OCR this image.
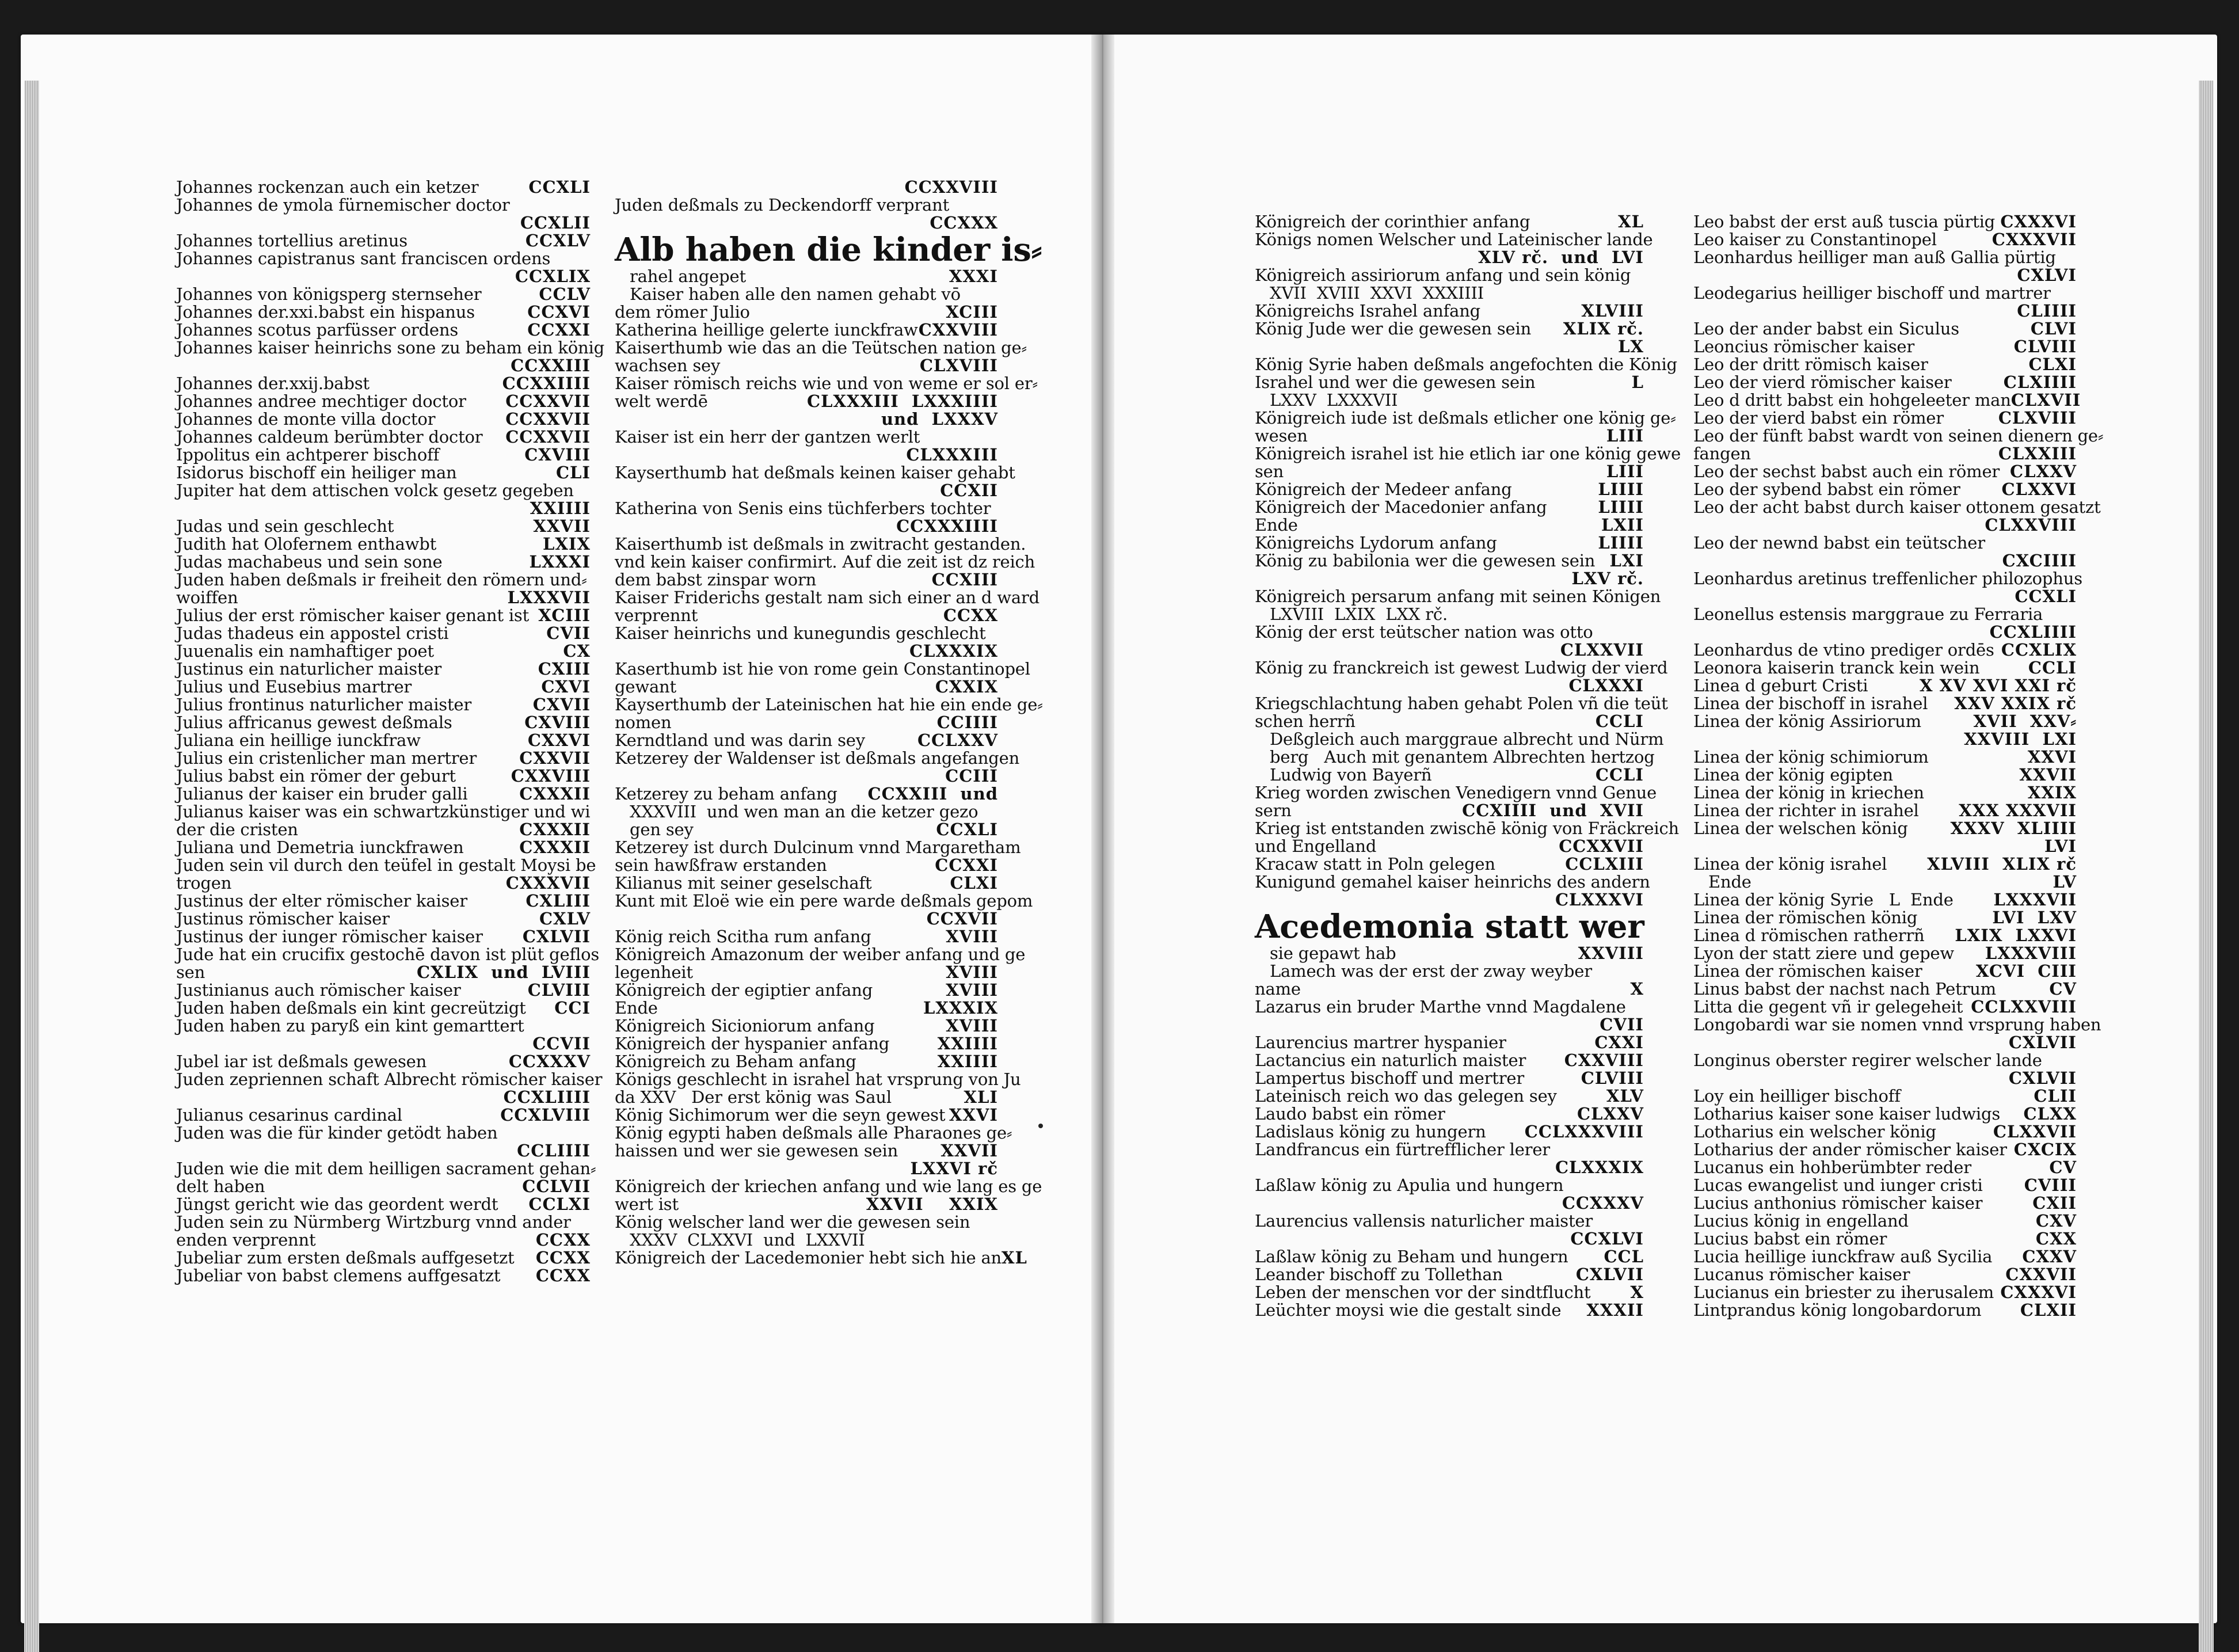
Johannes rockenzan auch ein ketzer	CCXLI
Johannes de ymola fürnemischer doctor
CCXLII
Johannes tortellius aretinus	CCXLV
Johannes capistranus sant franciscen ordens
CCXLIX
Johannes von königsperg sternseher	CCLV
Johannes der.xxi.babst ein hispanus	CCXVI
Johannes scotus parfüsser ordens	CCXXI
Johannes kaiser heinrichs sone zu beham ein könig
CCXXIII
Johannes der.xxij.babst	CCXXIIII
Johannes andree mechtiger doctor CCXXVII
Johannes de monte villa doctor	CCXXVII
Johannes caldeum berümbter doctor CCXXVII
Ippolitus ein achtperer bischoff	CXVIII
Isidorus bischoff ein heiliger man	CLI
Jupiter hat dem attischen volck gesetz gegeben
XXIIII
Judas und sein geschlecht	XXVII
Judith hat Olofernem enthawbt	LXIX
Judas machabeus und sein sone	LXXXI
Juden haben deßmals ir freiheit den römern und⸗
woiffen	LXXXVII
Julius der erst römischer kaiser genant ist XCIII
Judas thadeus ein appostel cristi	CVII
Juuenalis ein namhaftiger poet	CX
Justinus ein naturlicher maister	CXIII
Julius und Eusebius martrer	CXVI
Julius frontinus naturlicher maister	CXVII
Julius affricanus gewest deßmals	CXVIII
Juliana ein heillige iunckfraw	CXXVI
Julius ein cristenlicher man mertrer	CXXVII
Julius babst ein römer der geburt	CXXVIII
Julianus der kaiser ein bruder galli	CXXXII
Julianus kaiser was ein schwartzkünstiger und wi
der die cristen	CXXXII
Juliana und Demetria iunckfrawen	CXXXII
Juden sein vil durch den teüfel in gestalt Moysi be
trogen	CXXXVII
Justinus der elter römischer kaiser	CXLIII
Justinus römischer kaiser	CXLV
Justinus der iunger römischer kaiser CXLVII
Jude hat ein crucifix gestochē davon ist plüt geflos
sen	CXLIX  und  LVIII
Justinianus auch römischer kaiser	CLVIII
Juden haben deßmals ein kint gecreützigt CCI
Juden haben zu paryß ein kint gemarttert
CCVII
Jubel iar ist deßmals gewesen	CCXXXV
Juden zepriennen schaft Albrecht römischer kaiser
CCXLIIII
Julianus cesarinus cardinal	CCXLVIII
Juden was die für kinder getödt haben
CCLIIII
Juden wie die mit dem heilligen sacrament gehan⸗
delt haben	CCLVII
Jüngst gericht wie das geordent werdt CCLXI
Juden sein zu Nürmberg Wirtzburg vnnd ander
enden verprennt	CCXX
Jubeliar zum ersten deßmals auffgesetzt CCXX
Jubeliar von babst clemens auffgesatzt CCXX
CCXXVIII
Juden deßmals zu Deckendorff verprant
CCXXX
Alb haben die kinder is⸗
rahel angepet	XXXI
Kaiser haben alle den namen gehabt vō
dem römer Julio	XCIII
Katherina heillige gelerte iunckfraw CXXVIII
Kaiserthumb wie das an die Teütschen nation ge⸗
wachsen sey	CLXVIII
Kaiser römisch reichs wie und von weme er sol er⸗
welt werdē	CLXXXIII  LXXXIIII
und  LXXXV
Kaiser ist ein herr der gantzen werlt
CLXXXIII
Kayserthumb hat deßmals keinen kaiser gehabt
CCXII
Katherina von Senis eins tüchferbers tochter
CCXXXIIII
Kaiserthumb ist deßmals in zwitracht gestanden.
vnd kein kaiser confirmirt. Auf die zeit ist dz reich
dem babst zinspar worn	CCXIII
Kaiser Friderichs gestalt nam sich einer an d ward
verprennt	CCXX
Kaiser heinrichs und kunegundis geschlecht
CLXXXIX
Kaserthumb ist hie von rome gein Constantinopel
gewant	CXXIX
Kayserthumb der Lateinischen hat hie ein ende ge⸗
nomen	CCIIII
Kerndtland und was darin sey	CCLXXV
Ketzerey der Waldenser ist deßmals angefangen
CCIII
Ketzerey zu beham anfang CCXXIII  und
XXXVIII  und wen man an die ketzer gezo
gen sey	CCXLI
Ketzerey ist durch Dulcinum vnnd Margaretham
sein hawßfraw erstanden	CCXXI
Kilianus mit seiner geselschaft	CLXI
Kunt mit Eloë wie ein pere warde deßmals gepom
CCXVII
König reich Scitha rum anfang	XVIII
Königreich Amazonum der weiber anfang und ge
legenheit	XVIII
Königreich der egiptier anfang	XVIII
Ende	LXXXIX
Königreich Sicioniorum anfang	XVIII
Königreich der hyspanier anfang	XXIIII
Königreich zu Beham anfang	XXIIII
Königs geschlecht in israhel hat vrsprung von Ju
da XXV   Der erst könig was Saul	XLI
König Sichimorum wer die seyn gewest XXVI
König egypti haben deßmals alle Pharaones ge⸗
haissen und wer sie gewesen sein	XXVII
LXXVI rč
Königreich der kriechen anfang und wie lang es ge
wert ist	XXVII    XXIX
König welscher land wer die gewesen sein
XXXV  CLXXVI  und  LXXVII
Königreich der Lacedemonier hebt sich hie an XL
Königreich der corinthier anfang	XL
Königs nomen Welscher und Lateinischer lande
XLV rč.  und  LVI
Königreich assiriorum anfang und sein könig
XVII  XVIII  XXVI  XXXIIII
Königreichs Israhel anfang	XLVIII
König Jude wer die gewesen sein XLIX rč.
LX
König Syrie haben deßmals angefochten die König
Israhel und wer die gewesen sein	L
LXXV  LXXXVII
Königreich iude ist deßmals etlicher one könig ge⸗
wesen	LIII
Königreich israhel ist hie etlich iar one könig gewe
sen	LIII
Königreich der Medeer anfang	LIIII
Königreich der Macedonier anfang	LIIII
Ende	LXII
Königreichs Lydorum anfang	LIIII
König zu babilonia wer die gewesen sein LXI
LXV rč.
Königreich persarum anfang mit seinen Königen
LXVIII  LXIX  LXX rč.
König der erst teütscher nation was otto
CLXXVII
König zu franckreich ist gewest Ludwig der vierd
CLXXXI
Kriegschlachtung haben gehabt Polen vñ die teüt
schen herrñ	CCLI
Deßgleich auch marggraue albrecht und Nürm
berg   Auch mit genantem Albrechten hertzog
Ludwig von Bayerñ	CCLI
Krieg worden zwischen Venedigern vnnd Genue
sern	CCXIIII  und  XVII
Krieg ist entstanden zwischē könig von Fräckreich
und Engelland	CCXXVII
Kracaw statt in Poln gelegen	CCLXIII
Kunigund gemahel kaiser heinrichs des andern
CLXXXVI
Acedemonia statt wer
sie gepawt hab	XXVIII
Lamech was der erst der zway weyber
name	X
Lazarus ein bruder Marthe vnnd Magdalene
CVII
Laurencius martrer hyspanier	CXXI
Lactancius ein naturlich maister CXXVIII
Lampertus bischoff und mertrer	CLVIII
Lateinisch reich wo das gelegen sey	XLV
Laudo babst ein römer	CLXXV
Ladislaus könig zu hungern CCLXXXVIII
Landfrancus ein fürtrefflicher lerer
CLXXXIX
Laßlaw könig zu Apulia und hungern
CCXXXV
Laurencius vallensis naturlicher maister
CCXLVI
Laßlaw könig zu Beham und hungern CCL
Leander bischoff zu Tollethan	CXLVII
Leben der menschen vor der sindtflucht X
Leüchter moysi wie die gestalt sinde XXXII
Leo babst der erst auß tuscia pürtig CXXXVI
Leo kaiser zu Constantinopel	CXXXVII
Leonhardus heilliger man auß Gallia pürtig
CXLVI
Leodegarius heilliger bischoff und martrer
CLIIII
Leo der ander babst ein Siculus	CLVI
Leoncius römischer kaiser	CLVIII
Leo der dritt römisch kaiser	CLXI
Leo der vierd römischer kaiser	CLXIIII
Leo d dritt babst ein hohgeleeter man CLXVII
Leo der vierd babst ein römer	CLXVIII
Leo der fünft babst wardt von seinen dienern ge⸗
fangen	CLXXIII
Leo der sechst babst auch ein römer CLXXV
Leo der sybend babst ein römer CLXXVI
Leo der acht babst durch kaiser ottonem gesatzt
CLXXVIII
Leo der newnd babst ein teütscher
CXCIIII
Leonhardus aretinus treffenlicher philozophus
CCXLI
Leonellus estensis marggraue zu Ferraria
CCXLIIII
Leonhardus de vtino prediger ordēs CCXLIX
Leonora kaiserin tranck kein wein	CCLI
Linea d geburt Cristi	X XV XVI XXI rč
Linea der bischoff in israhel XXV XXIX rč
Linea der könig Assiriorum	XVII  XXV⸗
XXVIII  LXI
Linea der könig schimiorum	XXVI
Linea der könig egipten	XXVII
Linea der könig in kriechen	XXIX
Linea der richter in israhel XXX XXXVII
Linea der welschen könig	XXXV  XLIIII
LVI
Linea der könig israhel XLVIII  XLIX rč
Ende	LV
Linea der könig Syrie   L  Ende LXXXVII
Linea der römischen könig	LVI  LXV
Linea d römischen ratherrñ LXIX  LXXVI
Lyon der statt ziere und gepew LXXXVIII
Linea der römischen kaiser	XCVI  CIII
Linus babst der nachst nach Petrum	CV
Litta die gegent vñ ir gelegeheit CCLXXVIII
Longobardi war sie nomen vnnd vrsprung haben
CXLVII
Longinus oberster regirer welscher lande
CXLVII
Loy ein heilliger bischoff	CLII
Lotharius kaiser sone kaiser ludwigs CLXX
Lotharius ein welscher könig	CLXXVII
Lotharius der ander römischer kaiser CXCIX
Lucanus ein hohberümbter reder	CV
Lucas ewangelist und iunger cristi CVIII
Lucius anthonius römischer kaiser	CXII
Lucius könig in engelland	CXV
Lucius babst ein römer	CXX
Lucia heillige iunckfraw auß Sycilia CXXV
Lucanus römischer kaiser	CXXVII
Lucianus ein briester zu iherusalem CXXXVI
Lintprandus könig longobardorum CLXII
